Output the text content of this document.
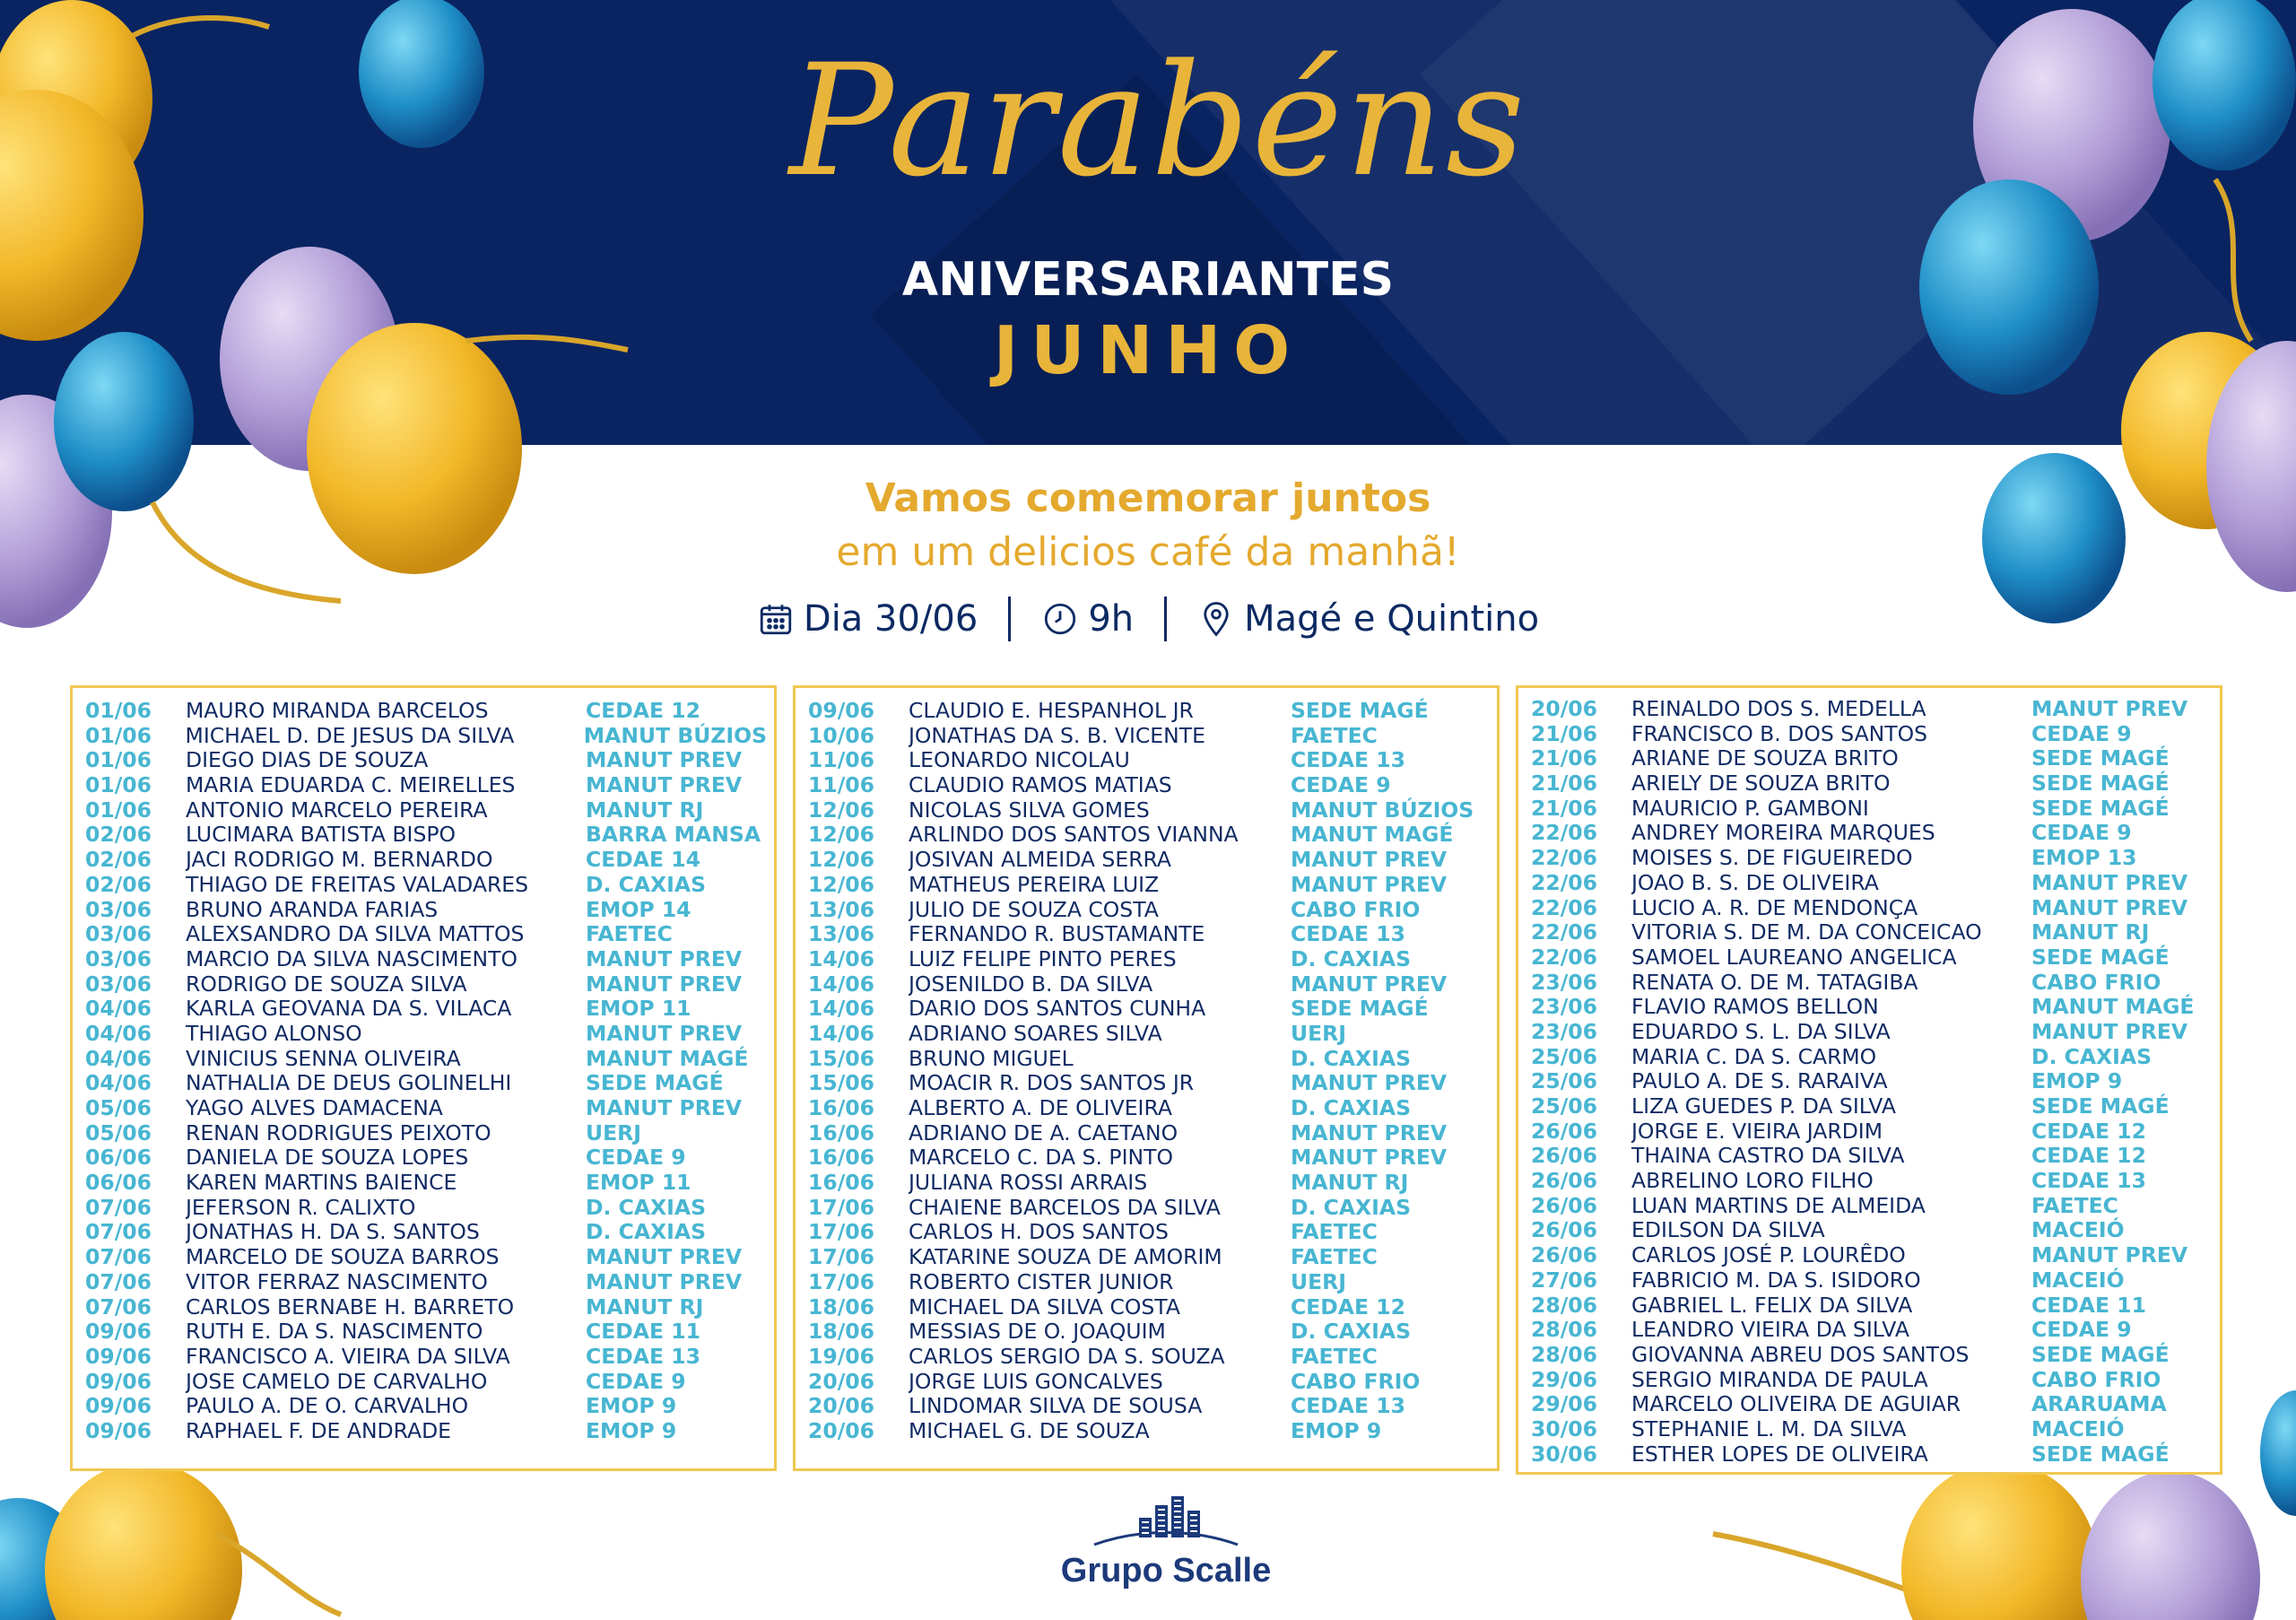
Parabéns
ANIVERSARIANTES
JUNHO
Vamos comemorar juntos
em um delicios café da manhã!
Dia 30/06	9h	Magé e Quintino
01/06	MAURO MIRANDA BARCELOS	CEDAE 12
01/06	MICHAEL D. DE JESUS DA SILVA	MANUT BÚZIOS
01/06	DIEGO DIAS DE SOUZA	MANUT PREV
01/06	MARIA EDUARDA C. MEIRELLES	MANUT PREV
01/06	ANTONIO MARCELO PEREIRA	MANUT RJ
02/06	LUCIMARA BATISTA BISPO	BARRA MANSA
02/06	JACI RODRIGO M. BERNARDO	CEDAE 14
02/06	THIAGO DE FREITAS VALADARES	D. CAXIAS
03/06	BRUNO ARANDA FARIAS	EMOP 14
03/06	ALEXSANDRO DA SILVA MATTOS	FAETEC
03/06	MARCIO DA SILVA NASCIMENTO	MANUT PREV
03/06	RODRIGO DE SOUZA SILVA	MANUT PREV
04/06	KARLA GEOVANA DA S. VILACA	EMOP 11
04/06	THIAGO ALONSO	MANUT PREV
04/06	VINICIUS SENNA OLIVEIRA	MANUT MAGÉ
04/06	NATHALIA DE DEUS GOLINELHI	SEDE MAGÉ
05/06	YAGO ALVES DAMACENA	MANUT PREV
05/06	RENAN RODRIGUES PEIXOTO	UERJ
06/06	DANIELA DE SOUZA LOPES	CEDAE 9
06/06	KAREN MARTINS BAIENCE	EMOP 11
07/06	JEFERSON R. CALIXTO	D. CAXIAS
07/06	JONATHAS H. DA S. SANTOS	D. CAXIAS
07/06	MARCELO DE SOUZA BARROS	MANUT PREV
07/06	VITOR FERRAZ NASCIMENTO	MANUT PREV
07/06	CARLOS BERNABE H. BARRETO	MANUT RJ
09/06	RUTH E. DA S. NASCIMENTO	CEDAE 11
09/06	FRANCISCO A. VIEIRA DA SILVA	CEDAE 13
09/06	JOSE CAMELO DE CARVALHO	CEDAE 9
09/06	PAULO A. DE O. CARVALHO	EMOP 9
09/06	RAPHAEL F. DE ANDRADE	EMOP 9
09/06	CLAUDIO E. HESPANHOL JR	SEDE MAGÉ
10/06	JONATHAS DA S. B. VICENTE	FAETEC
11/06	LEONARDO NICOLAU	CEDAE 13
11/06	CLAUDIO RAMOS MATIAS	CEDAE 9
12/06	NICOLAS SILVA GOMES	MANUT BÚZIOS
12/06	ARLINDO DOS SANTOS VIANNA	MANUT MAGÉ
12/06	JOSIVAN ALMEIDA SERRA	MANUT PREV
12/06	MATHEUS PEREIRA LUIZ	MANUT PREV
13/06	JULIO DE SOUZA COSTA	CABO FRIO
13/06	FERNANDO R. BUSTAMANTE	CEDAE 13
14/06	LUIZ FELIPE PINTO PERES	D. CAXIAS
14/06	JOSENILDO B. DA SILVA	MANUT PREV
14/06	DARIO DOS SANTOS CUNHA	SEDE MAGÉ
14/06	ADRIANO SOARES SILVA	UERJ
15/06	BRUNO MIGUEL	D. CAXIAS
15/06	MOACIR R. DOS SANTOS JR	MANUT PREV
16/06	ALBERTO A. DE OLIVEIRA	D. CAXIAS
16/06	ADRIANO DE A. CAETANO	MANUT PREV
16/06	MARCELO C. DA S. PINTO	MANUT PREV
16/06	JULIANA ROSSI ARRAIS	MANUT RJ
17/06	CHAIENE BARCELOS DA SILVA	D. CAXIAS
17/06	CARLOS H. DOS SANTOS	FAETEC
17/06	KATARINE SOUZA DE AMORIM	FAETEC
17/06	ROBERTO CISTER JUNIOR	UERJ
18/06	MICHAEL DA SILVA COSTA	CEDAE 12
18/06	MESSIAS DE O. JOAQUIM	D. CAXIAS
19/06	CARLOS SERGIO DA S. SOUZA	FAETEC
20/06	JORGE LUIS GONCALVES	CABO FRIO
20/06	LINDOMAR SILVA DE SOUSA	CEDAE 13
20/06	MICHAEL G. DE SOUZA	EMOP 9
20/06	REINALDO DOS S. MEDELLA	MANUT PREV
21/06	FRANCISCO B. DOS SANTOS	CEDAE 9
21/06	ARIANE DE SOUZA BRITO	SEDE MAGÉ
21/06	ARIELY DE SOUZA BRITO	SEDE MAGÉ
21/06	MAURICIO P. GAMBONI	SEDE MAGÉ
22/06	ANDREY MOREIRA MARQUES	CEDAE 9
22/06	MOISES S. DE FIGUEIREDO	EMOP 13
22/06	JOAO B. S. DE OLIVEIRA	MANUT PREV
22/06	LUCIO A. R. DE MENDONÇA	MANUT PREV
22/06	VITORIA S. DE M. DA CONCEICAO	MANUT RJ
22/06	SAMOEL LAUREANO ANGELICA	SEDE MAGÉ
23/06	RENATA O. DE M. TATAGIBA	CABO FRIO
23/06	FLAVIO RAMOS BELLON	MANUT MAGÉ
23/06	EDUARDO S. L. DA SILVA	MANUT PREV
25/06	MARIA C. DA S. CARMO	D. CAXIAS
25/06	PAULO A. DE S. RARAIVA	EMOP 9
25/06	LIZA GUEDES P. DA SILVA	SEDE MAGÉ
26/06	JORGE E. VIEIRA JARDIM	CEDAE 12
26/06	THAINA CASTRO DA SILVA	CEDAE 12
26/06	ABRELINO LORO FILHO	CEDAE 13
26/06	LUAN MARTINS DE ALMEIDA	FAETEC
26/06	EDILSON DA SILVA	MACEIÓ
26/06	CARLOS JOSÉ P. LOURÊDO	MANUT PREV
27/06	FABRICIO M. DA S. ISIDORO	MACEIÓ
28/06	GABRIEL L. FELIX DA SILVA	CEDAE 11
28/06	LEANDRO VIEIRA DA SILVA	CEDAE 9
28/06	GIOVANNA ABREU DOS SANTOS	SEDE MAGÉ
29/06	SERGIO MIRANDA DE PAULA	CABO FRIO
29/06	MARCELO OLIVEIRA DE AGUIAR	ARARUAMA
30/06	STEPHANIE L. M. DA SILVA	MACEIÓ
30/06	ESTHER LOPES DE OLIVEIRA	SEDE MAGÉ
Grupo Scalle
